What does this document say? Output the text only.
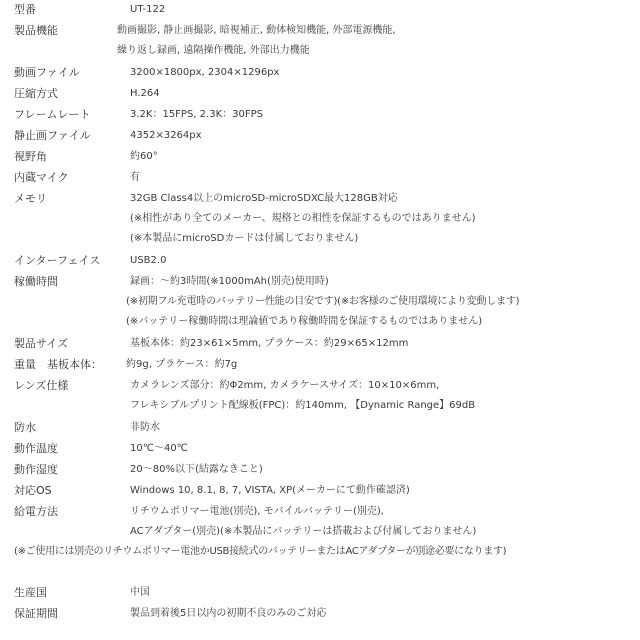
型番	UT-122
製品機能	動画撮影, 静止画撮影, 暗視補正, 動体検知機能, 外部電源機能,
繰り返し録画, 遠隔操作機能, 外部出力機能
動画ファイル	3200×1800px, 2304×1296px
圧縮方式	H.264
フレームレート	3.2K：15FPS, 2.3K：30FPS
静止画ファイル	4352×3264px
視野角	約60°
内蔵マイク	有
メモリ	32GB Class4以上のmicroSD-microSDXC最大128GB対応
(※相性があり全てのメーカー、規格との相性を保証するものではありません)
(※本製品にmicroSDカードは付属しておりません)
インターフェイス	USB2.0
稼働時間	録画：～約3時間(※1000mAh(別売)使用時)
(※初期フル充電時のバッテリー性能の目安です)(※お客様のご使用環境により変動します)
(※バッテリー稼働時間は理論値であり稼働時間を保証するものではありません)
製品サイズ	基板本体：約23×61×5mm, プラケース：約29×65×12mm
重量　基板本体： 約9g, プラケース：約7g
レンズ仕様	カメラレンズ部分：約Φ2mm, カメラケースサイズ：10×10×6mm,
フレキシブルプリント配線板(FPC)：約140mm, 【Dynamic Range】69dB
防水	非防水
動作温度	10℃～40℃
動作湿度	20～80%以下(結露なきこと)
対応OS	Windows 10, 8.1, 8, 7, VISTA, XP(メーカーにて動作確認済)
給電方法	リチウムポリマー電池(別売), モバイルバッテリー(別売),
ACアダプター(別売)(※本製品にバッテリーは搭載および付属しておりません)
(※ご使用には別売のリチウムポリマー電池かUSB接続式のバッテリーまたはACアダプターが別途必要になります)
生産国	中国
保証期間	製品到着後5日以内の初期不良のみのご対応
